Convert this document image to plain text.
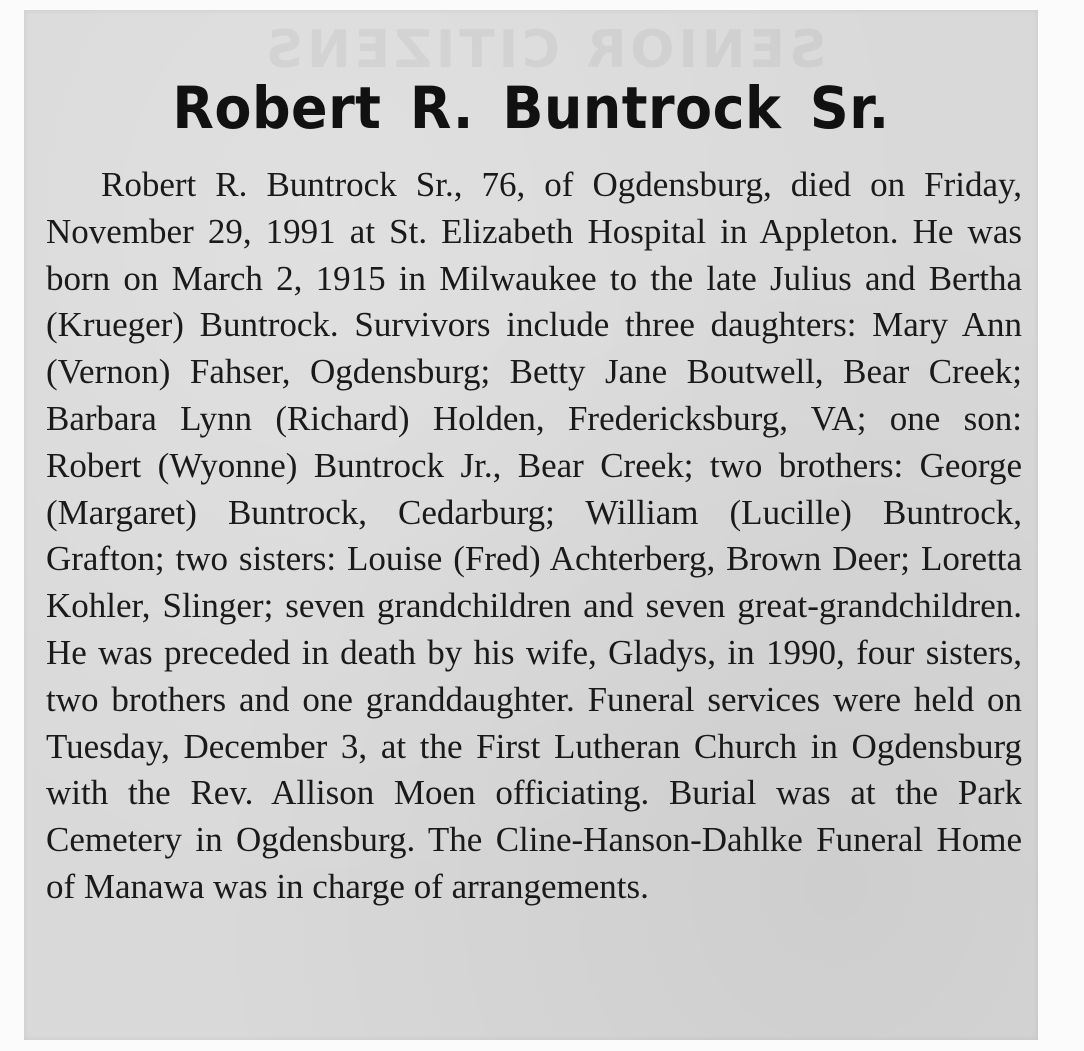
SENIOR CITIZENS
Robert R. Buntrock Sr.

Robert R. Buntrock Sr., 76, of Ogdensburg, died on Friday, November 29, 1991 at St. Elizabeth Hospital in Appleton. He was born on March 2, 1915 in Milwaukee to the late Julius and Bertha (Krueger) Buntrock. Survivors include three daughters: Mary Ann (Vernon) Fahser, Ogdensburg; Betty Jane Boutwell, Bear Creek; Barbara Lynn (Richard) Holden, Fredericksburg, VA; one son: Robert (Wyonne) Buntrock Jr., Bear Creek; two brothers: George (Margaret) Buntrock, Cedarburg; William (Lucille) Buntrock, Grafton; two sisters: Louise (Fred) Achterberg, Brown Deer; Loretta Kohler, Slinger; seven grandchildren and seven great-grandchildren. He was preceded in death by his wife, Gladys, in 1990, four sisters, two brothers and one granddaughter. Funeral services were held on Tuesday, December 3, at the First Lutheran Church in Ogdensburg with the Rev. Allison Moen officiating. Burial was at the Park Cemetery in Ogdensburg. The Cline-Hanson-Dahlke Funeral Home of Manawa was in charge of arrangements.
